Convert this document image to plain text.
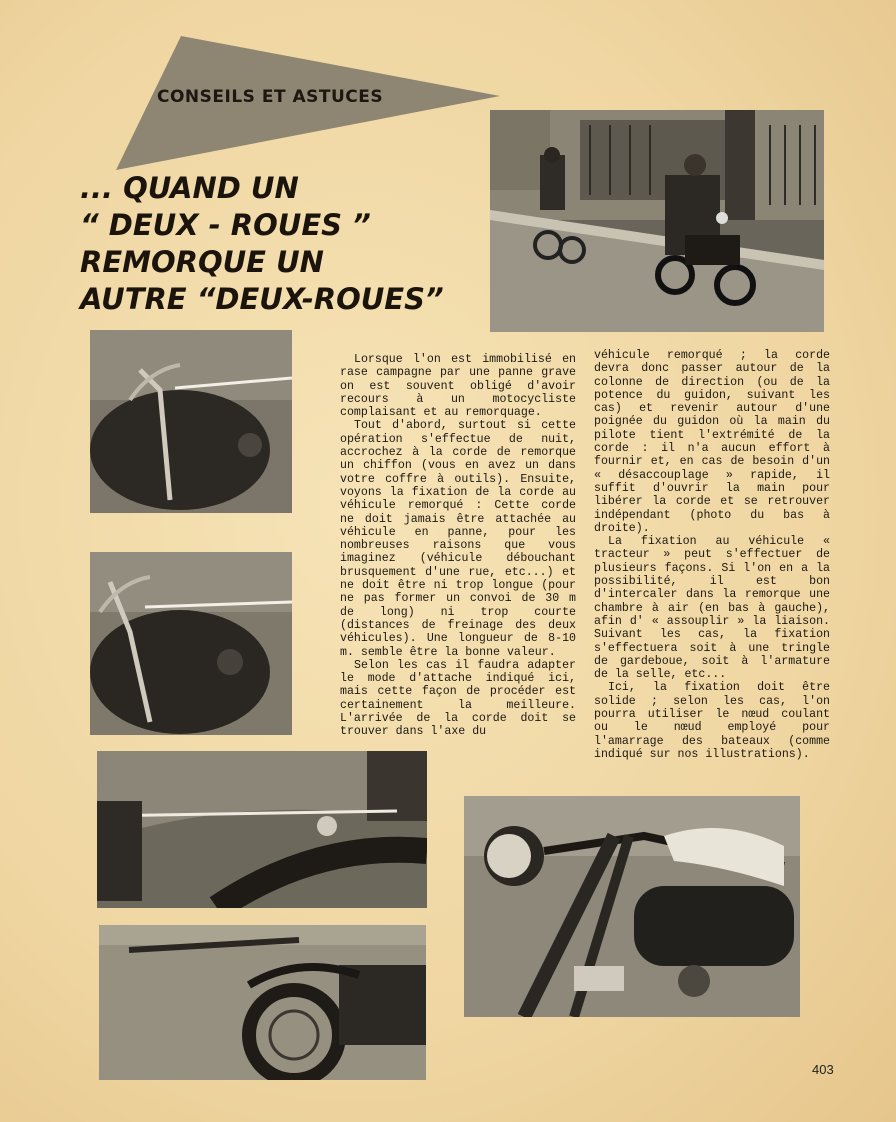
CONSEILS ET ASTUCES
... QUAND UN
“ DEUX - ROUES ”
REMORQUE UN
AUTRE “DEUX-ROUES”

Lorsque l'on est immobilisé en rase campagne par une panne grave on est souvent obligé d'avoir recours à un motocycliste complaisant et au remorquage.

Tout d'abord, surtout si cette opération s'effectue de nuit, accrochez à la corde de remorque un chiffon (vous en avez un dans votre coffre à outils). Ensuite, voyons la fixation de la corde au véhicule remorqué : Cette corde ne doit jamais être attachée au véhicule en panne, pour les nombreuses raisons que vous imaginez (véhicule débouchant brusquement d'une rue, etc...) et ne doit être ni trop longue (pour ne pas former un convoi de 30 m de long) ni trop courte (distances de freinage des deux véhicules). Une longueur de 8-10 m. semble être la bonne valeur.

Selon les cas il faudra adapter le mode d'attache indiqué ici, mais cette façon de procéder est certainement la meilleure. L'arrivée de la corde doit se trouver dans l'axe du

véhicule remorqué ; la corde devra donc passer autour de la colonne de direction (ou de la potence du guidon, suivant les cas) et revenir autour d'une poignée du guidon où la main du pilote tient l'extrémité de la corde : il n'a aucun effort à fournir et, en cas de besoin d'un « désaccouplage » rapide, il suffit d'ouvrir la main pour libérer la corde et se retrouver indépendant (photo du bas à droite).

La fixation au véhicule « tracteur » peut s'effectuer de plusieurs façons. Si l'on en a la possibilité, il est bon d'intercaler dans la remorque une chambre à air (en bas à gauche), afin d' « assouplir » la liaison. Suivant les cas, la fixation s'effectuera soit à une tringle de gardeboue, soit à l'armature de la selle, etc...

Ici, la fixation doit être solide ; selon les cas, l'on pourra utiliser le nœud coulant ou le nœud employé pour l'amarrage des bateaux (comme indiqué sur nos illustrations).

403
